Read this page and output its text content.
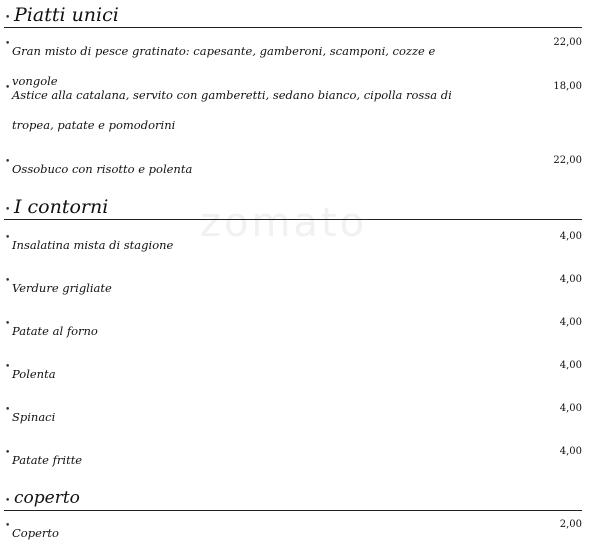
zomato
• Piatti unici
• Gran misto di pesce gratinato: capesante, gamberoni, scamponi, cozze e vongole
22,00
• Astice alla catalana, servito con gamberetti, sedano bianco, cipolla rossa di tropea, patate e pomodorini
18,00
• Ossobuco con risotto e polenta
22,00
• I contorni
• Insalatina mista di stagione
4,00
• Verdure grigliate
4,00
• Patate al forno
4,00
• Polenta
4,00
• Spinaci
4,00
• Patate fritte
4,00
• coperto
• Coperto
2,00
